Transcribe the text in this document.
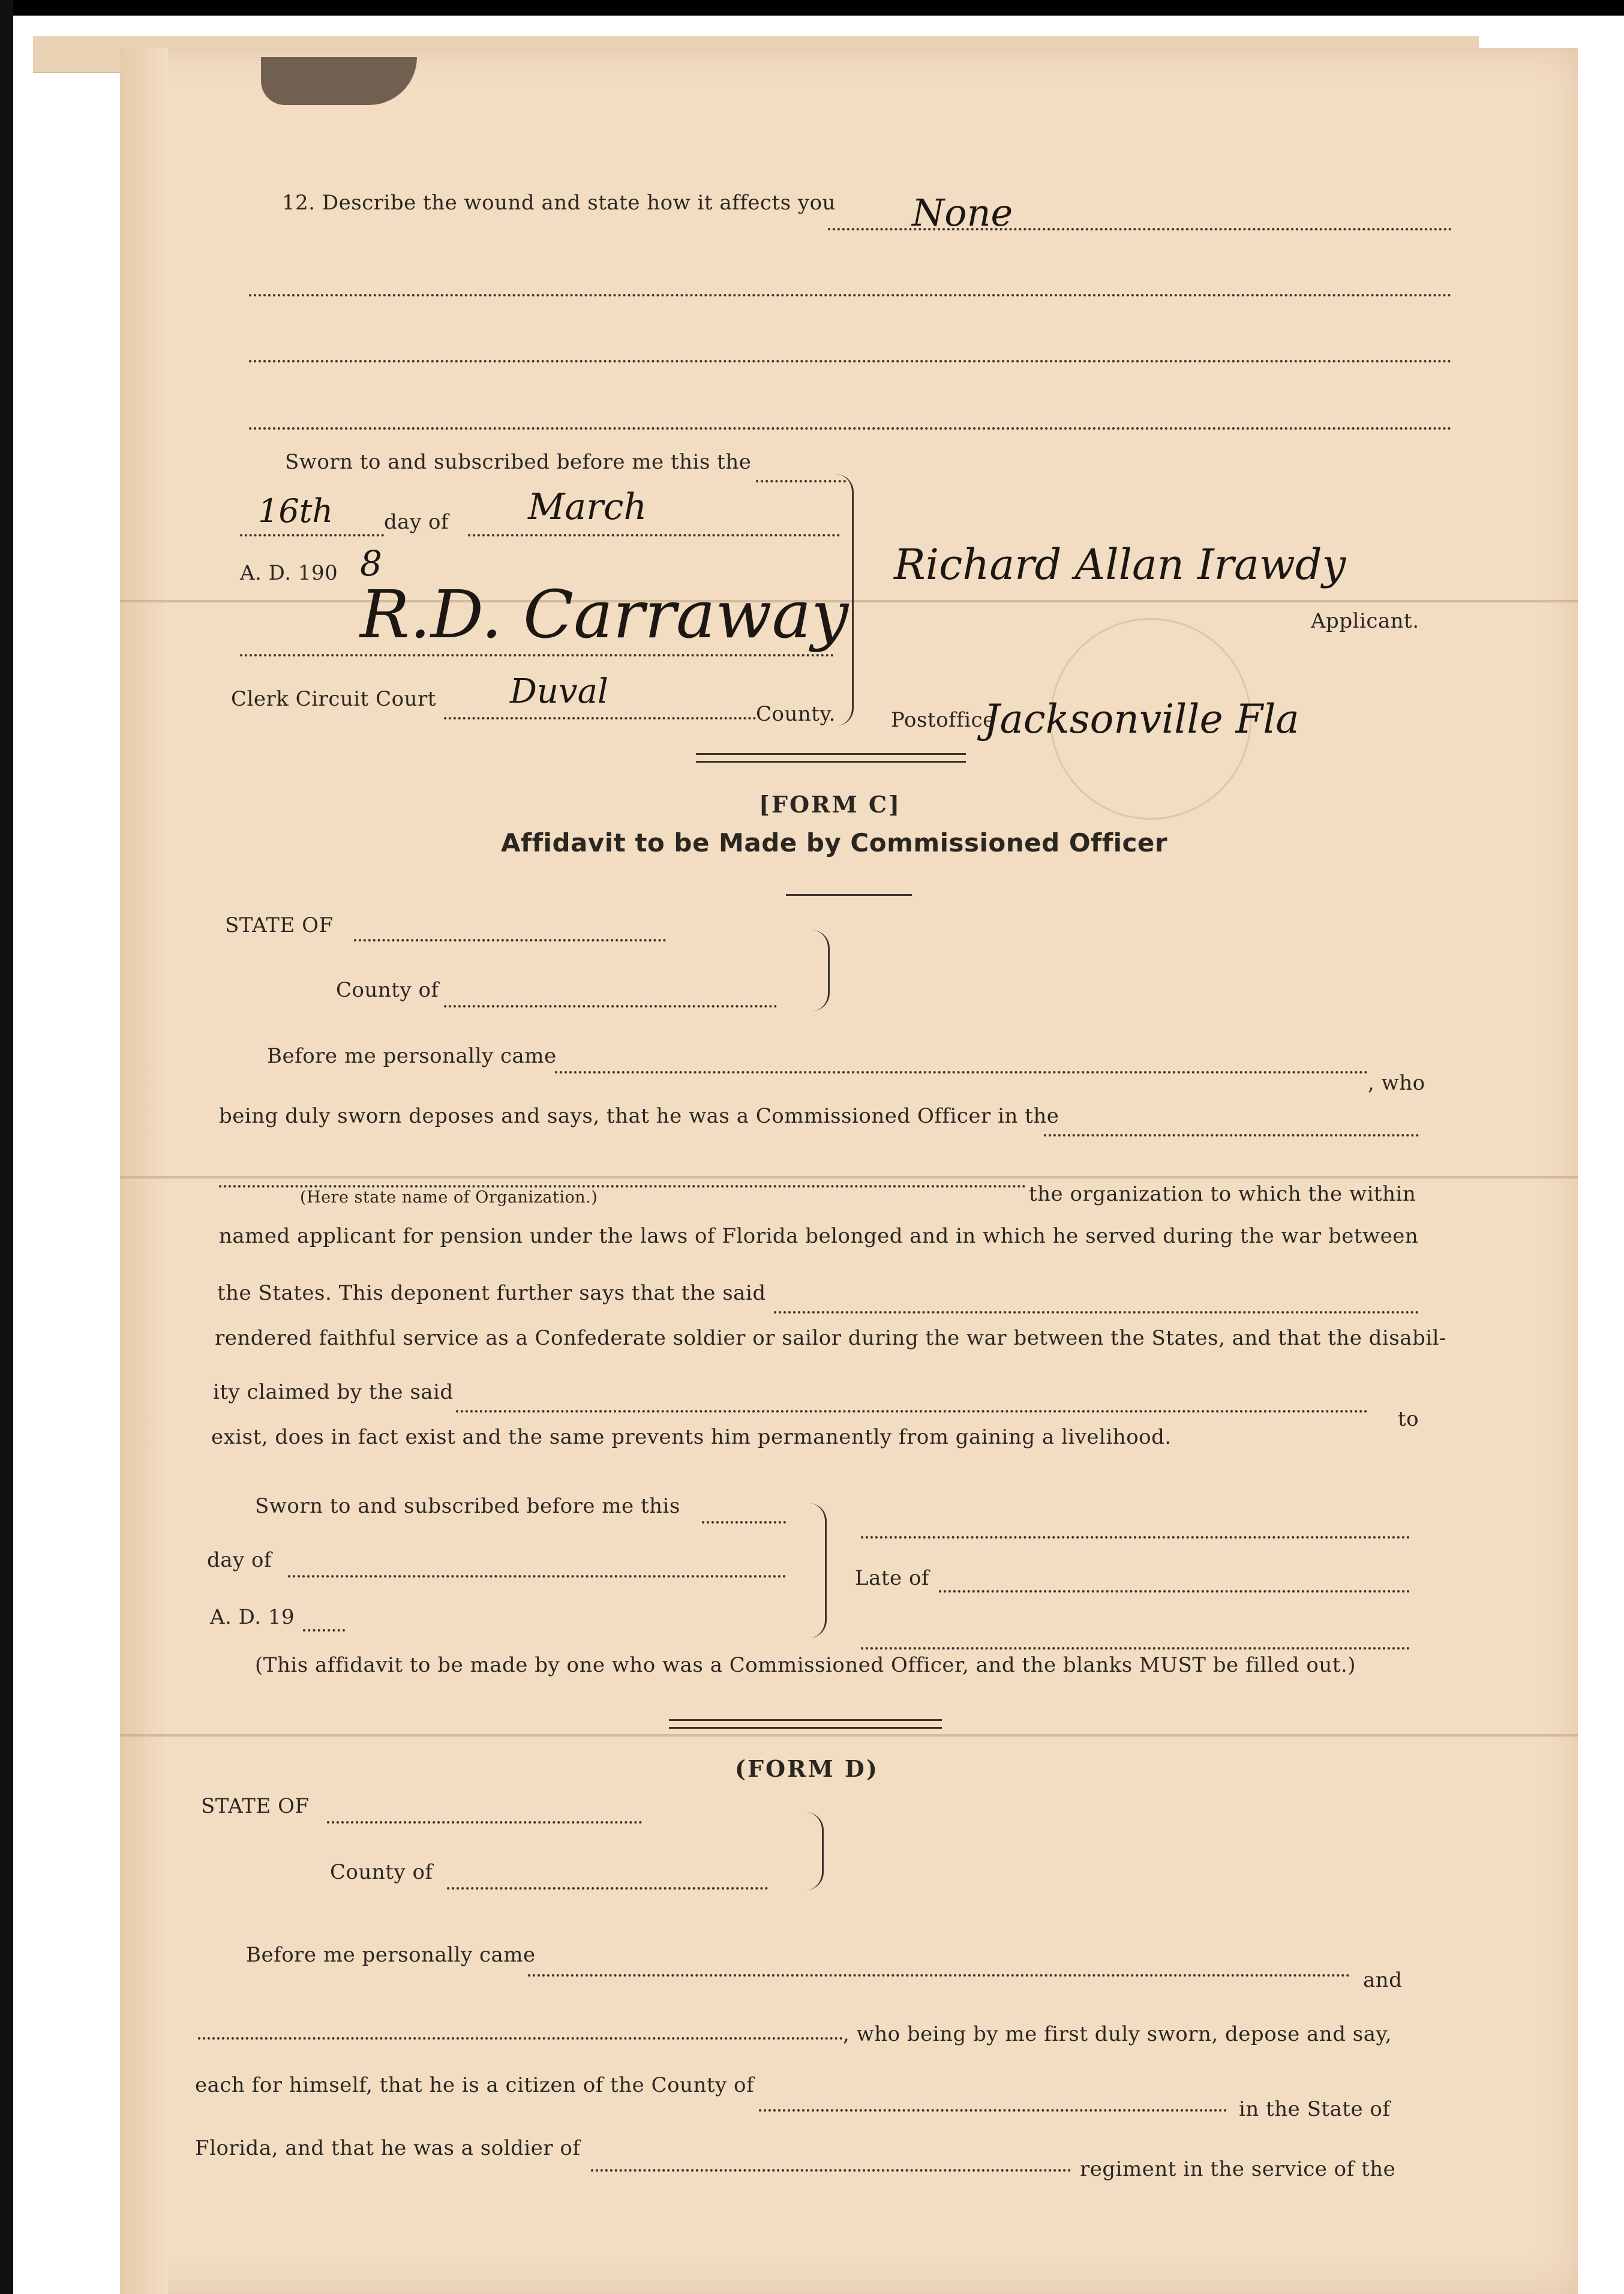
12. Describe the wound and state how it affects you None
Sworn to and subscribed before me this the
16th day of March
A. D. 190 8
R.D. Carraway
Clerk Circuit Court Duval
County.
Richard Allan Irawdy
Applicant.
Postoffice
Jacksonville Fla
[FORM C]
Affidavit to be Made by Commissioned Officer
STATE OF
County of
Before me personally came
, who
being duly sworn deposes and says, that he was a Commissioned Officer in the
(Here state name of Organization.)	the organization to which the within
named applicant for pension under the laws of Florida belonged and in which he served during the war between
the States. This deponent further says that the said
rendered faithful service as a Confederate soldier or sailor during the war between the States, and that the disabil-
ity claimed by the said
to
exist, does in fact exist and the same prevents him permanently from gaining a livelihood.
Sworn to and subscribed before me this
day of
A. D. 19
Late of
(This affidavit to be made by one who was a Commissioned Officer, and the blanks MUST be filled out.)
(FORM D)
STATE OF
County of
Before me personally came
and
, who being by me first duly sworn, depose and say,
each for himself, that he is a citizen of the County of
in the State of
Florida, and that he was a soldier of
regiment in the service of the
